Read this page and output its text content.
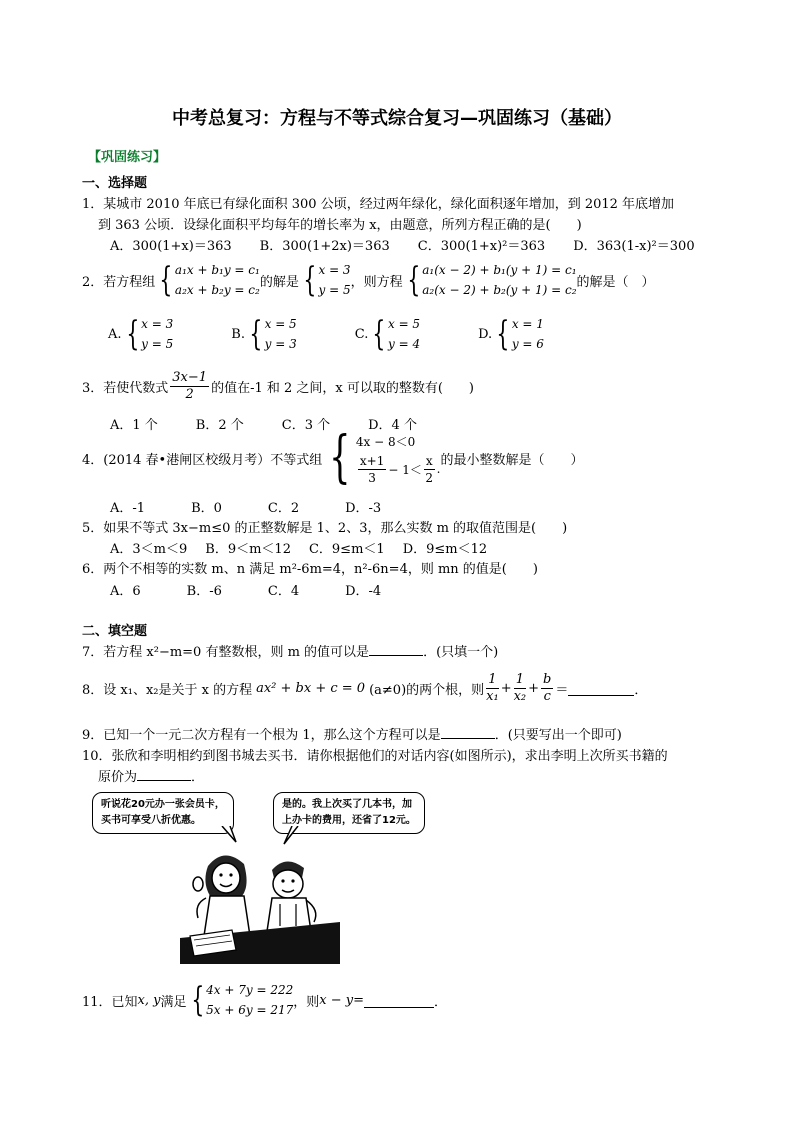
中考总复习：方程与不等式综合复习—巩固练习（基础）
【巩固练习】
一、选择题
1．某城市 2010 年底已有绿化面积 300 公顷，经过两年绿化，绿化面积逐年增加，到 2012 年底增加
到 363 公顷．设绿化面积平均每年的增长率为 x，由题意，所列方程正确的是(　　)
A．300(1+x)＝363 B．300(1+2x)＝363 C．300(1+x)²＝363 D．363(1-x)²＝300
2．若方程组 { a₁x + b₁y = c₁
a₂x + b₂y = c₂
的解是 { x = 3
y = 5
，则方程 { a₁(x − 2) + b₁(y + 1) = c₁
a₂(x − 2) + b₂(y + 1) = c₂
的解是（　）
A. { x = 3
y = 5
B. { x = 5
y = 3
C. { x = 5
y = 4
D. { x = 1
y = 6
3．若使代数式 $\frac{3x-1}{2}$ 的值在-1 和 2 之间，x 可以取的整数有(　　)
A．1 个	B．2 个	C．3 个	D．4 个
4．(2014 春•港闸区校级月考）不等式组 { 4x − 8＜0
$\frac{x+1}{3} - 1< \frac{x}{2}$ .
的最小整数解是（　　）
A．-1	B．0	C．2	D．-3
5．如果不等式 3x−m≤0 的正整数解是 1、2、3，那么实数 m 的取值范围是(　　)
A．3＜m＜9 B．9＜m＜12 C．9≤m＜1 D．9≤m＜12
6．两个不相等的实数 m、n 满足 m²-6m=4，n²-6n=4，则 mn 的值是(　　)
A．6	B．-6	C．4	D．-4
二、填空题
7．若方程 x²−m=0 有整数根，则 m 的值可以是	．(只填一个)
8．设 x₁、x₂是关于 x 的方程 ax² + bx + c = 0 (a≠0)的两个根，则 $\frac{1}{\text{x₁}} + \frac{1}{\text{x₂}} + \frac{b}{c}$ ＝	．
9．已知一个一元二次方程有一个根为 1，那么这个方程可以是	．(只要写出一个即可)
10．张欣和李明相约到图书城去买书．请你根据他们的对话内容(如图所示)，求出李明上次所买书籍的
原价为	．
听说花20元办一张会员卡，
买书可享受八折优惠。
是的。我上次买了几本书，加
上办卡的费用，还省了12元。
11．已知 x, y 满足 { 4x + 7y = 222
5x + 6y = 217
，则 x − y =	．
